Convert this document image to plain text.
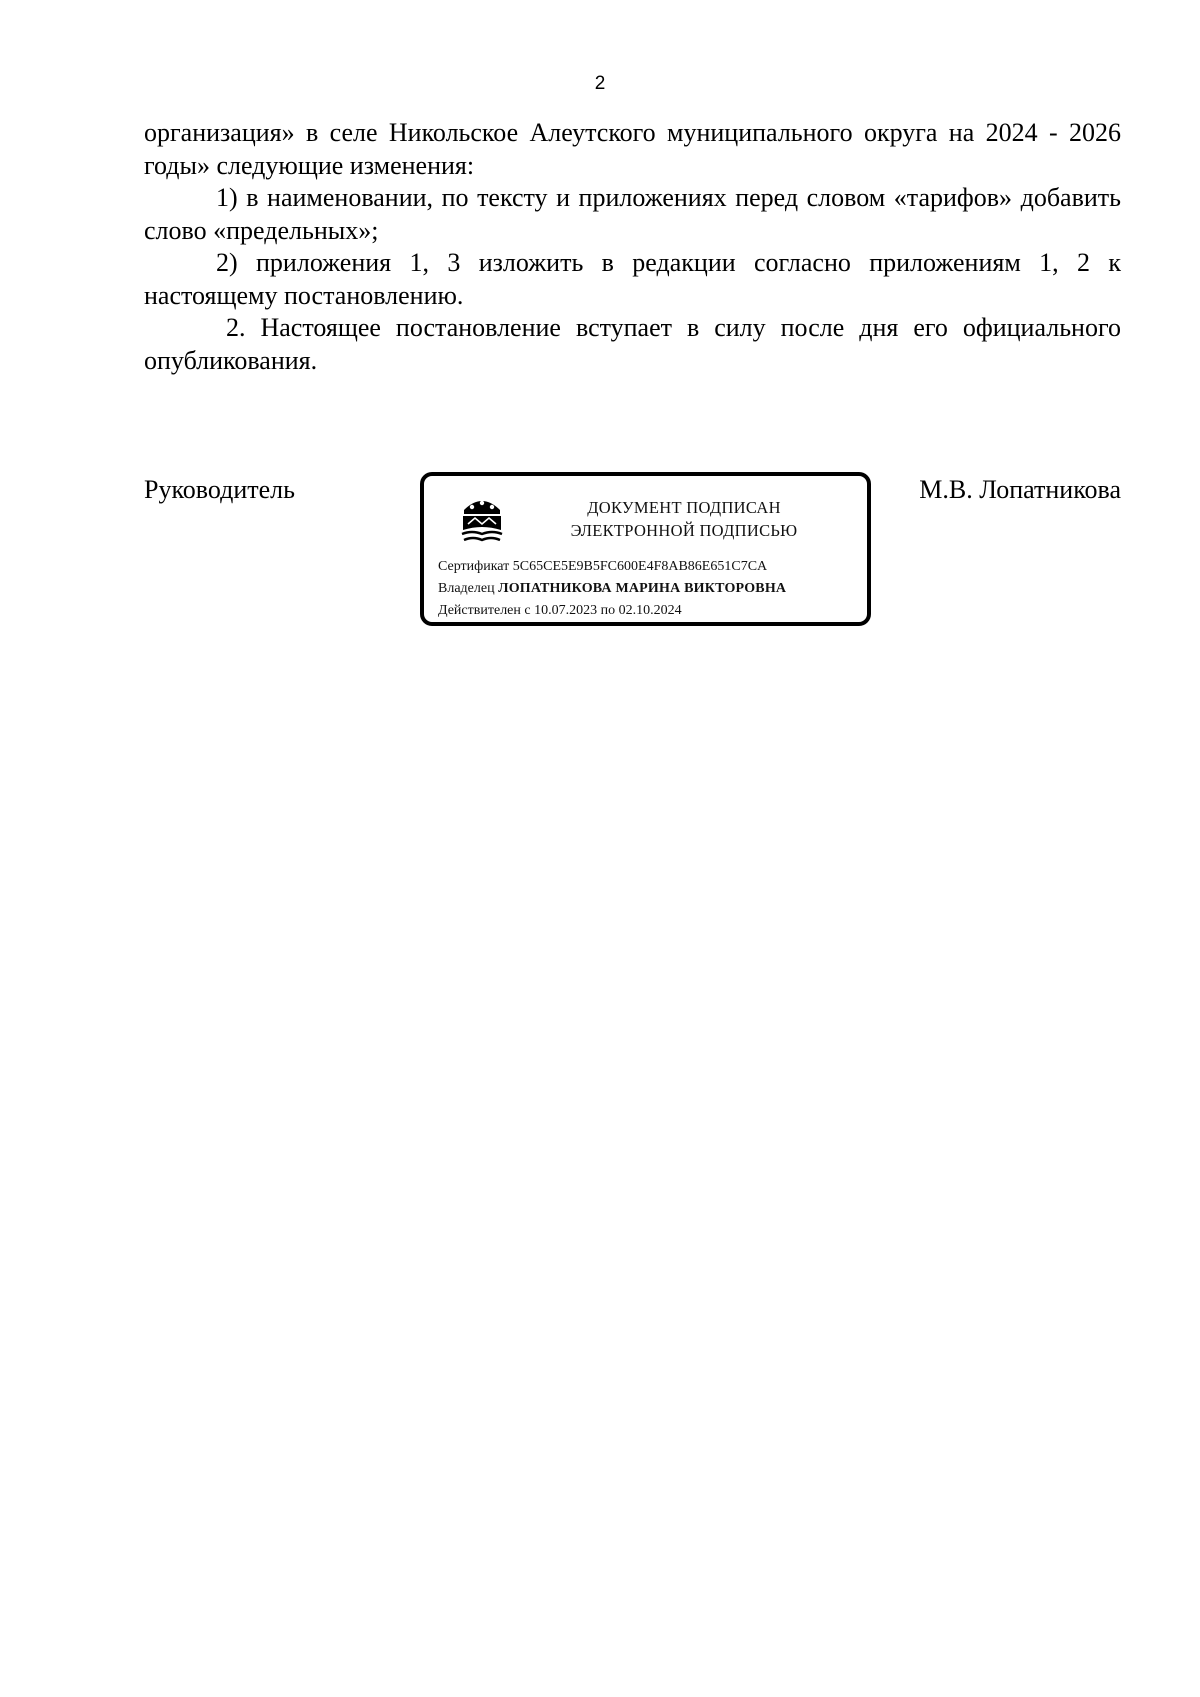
2

организация» в селе Никольское Алеутского муниципального округа на 2024 - 2026 годы» следующие изменения:

1) в наименовании, по тексту и приложениях перед словом «тарифов» добавить слово «предельных»;

2) приложения 1, 3 изложить в редакции согласно приложениям 1, 2 к настоящему постановлению.

2. Настоящее постановление вступает в силу после дня его официального опубликования.

Руководитель
ДОКУМЕНТ ПОДПИСАН
ЭЛЕКТРОННОЙ ПОДПИСЬЮ
Сертификат 5C65CE5E9B5FC600E4F8AB86E651C7CA
Владелец ЛОПАТНИКОВА МАРИНА ВИКТОРОВНА
Действителен с 10.07.2023 по 02.10.2024
М.В. Лопатникова
